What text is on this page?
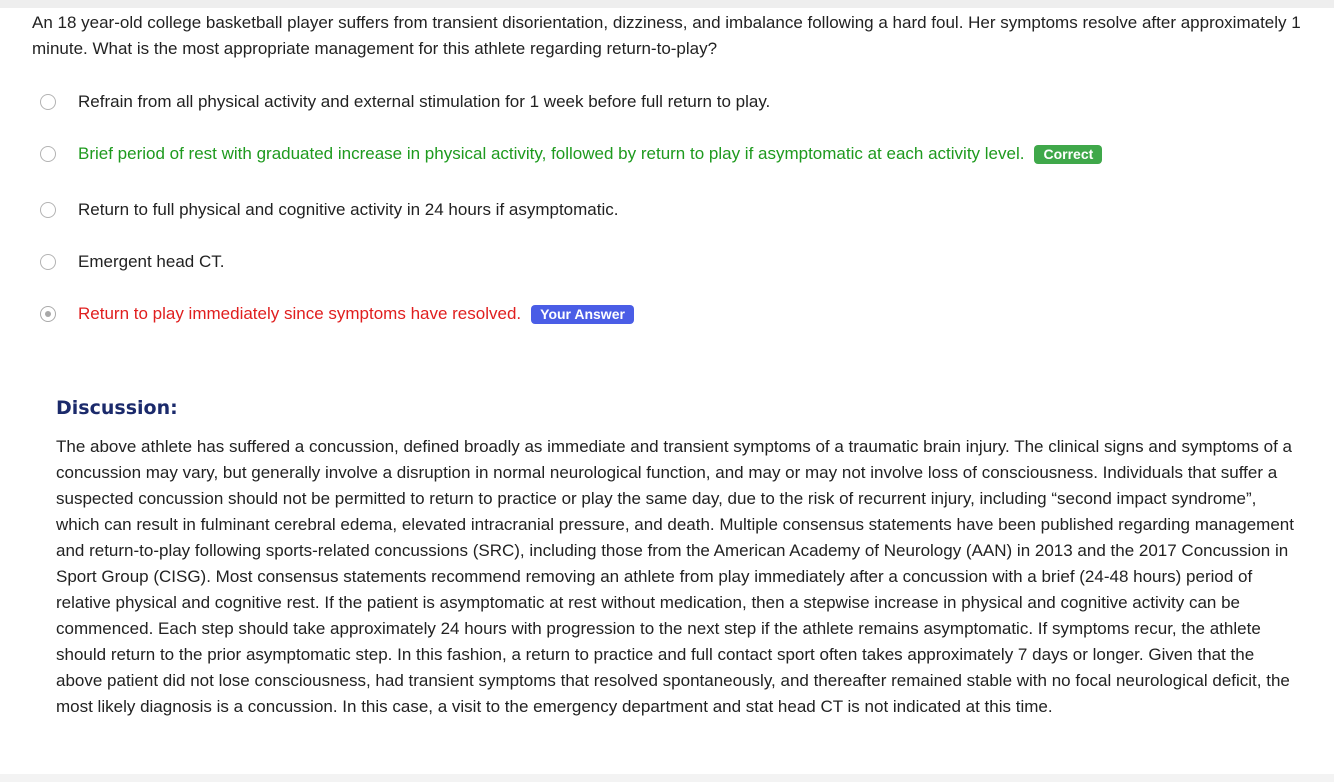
An 18 year-old college basketball player suffers from transient disorientation, dizziness, and imbalance following a hard foul. Her symptoms resolve after approximately 1 minute. What is the most appropriate management for this athlete regarding return-to-play?
Refrain from all physical activity and external stimulation for 1 week before full return to play.
Brief period of rest with graduated increase in physical activity, followed by return to play if asymptomatic at each activity level.	Correct
Return to full physical and cognitive activity in 24 hours if asymptomatic.
Emergent head CT.
Return to play immediately since symptoms have resolved.	Your Answer
Discussion:
The above athlete has suffered a concussion, defined broadly as immediate and transient symptoms of a traumatic brain injury. The clinical signs and symptoms of a concussion may vary, but generally involve a disruption in normal neurological function, and may or may not involve loss of consciousness. Individuals that suffer a suspected concussion should not be permitted to return to practice or play the same day, due to the risk of recurrent injury, including “second impact syndrome”, which can result in fulminant cerebral edema, elevated intracranial pressure, and death. Multiple consensus statements have been published regarding management and return-to-play following sports-related concussions (SRC), including those from the American Academy of Neurology (AAN) in 2013 and the 2017 Concussion in Sport Group (CISG). Most consensus statements recommend removing an athlete from play immediately after a concussion with a brief (24-48 hours) period of relative physical and cognitive rest. If the patient is asymptomatic at rest without medication, then a stepwise increase in physical and cognitive activity can be commenced. Each step should take approximately 24 hours with progression to the next step if the athlete remains asymptomatic. If symptoms recur, the athlete should return to the prior asymptomatic step. In this fashion, a return to practice and full contact sport often takes approximately 7 days or longer. Given that the above patient did not lose consciousness, had transient symptoms that resolved spontaneously, and thereafter remained stable with no focal neurological deficit, the most likely diagnosis is a concussion. In this case, a visit to the emergency department and stat head CT is not indicated at this time.
